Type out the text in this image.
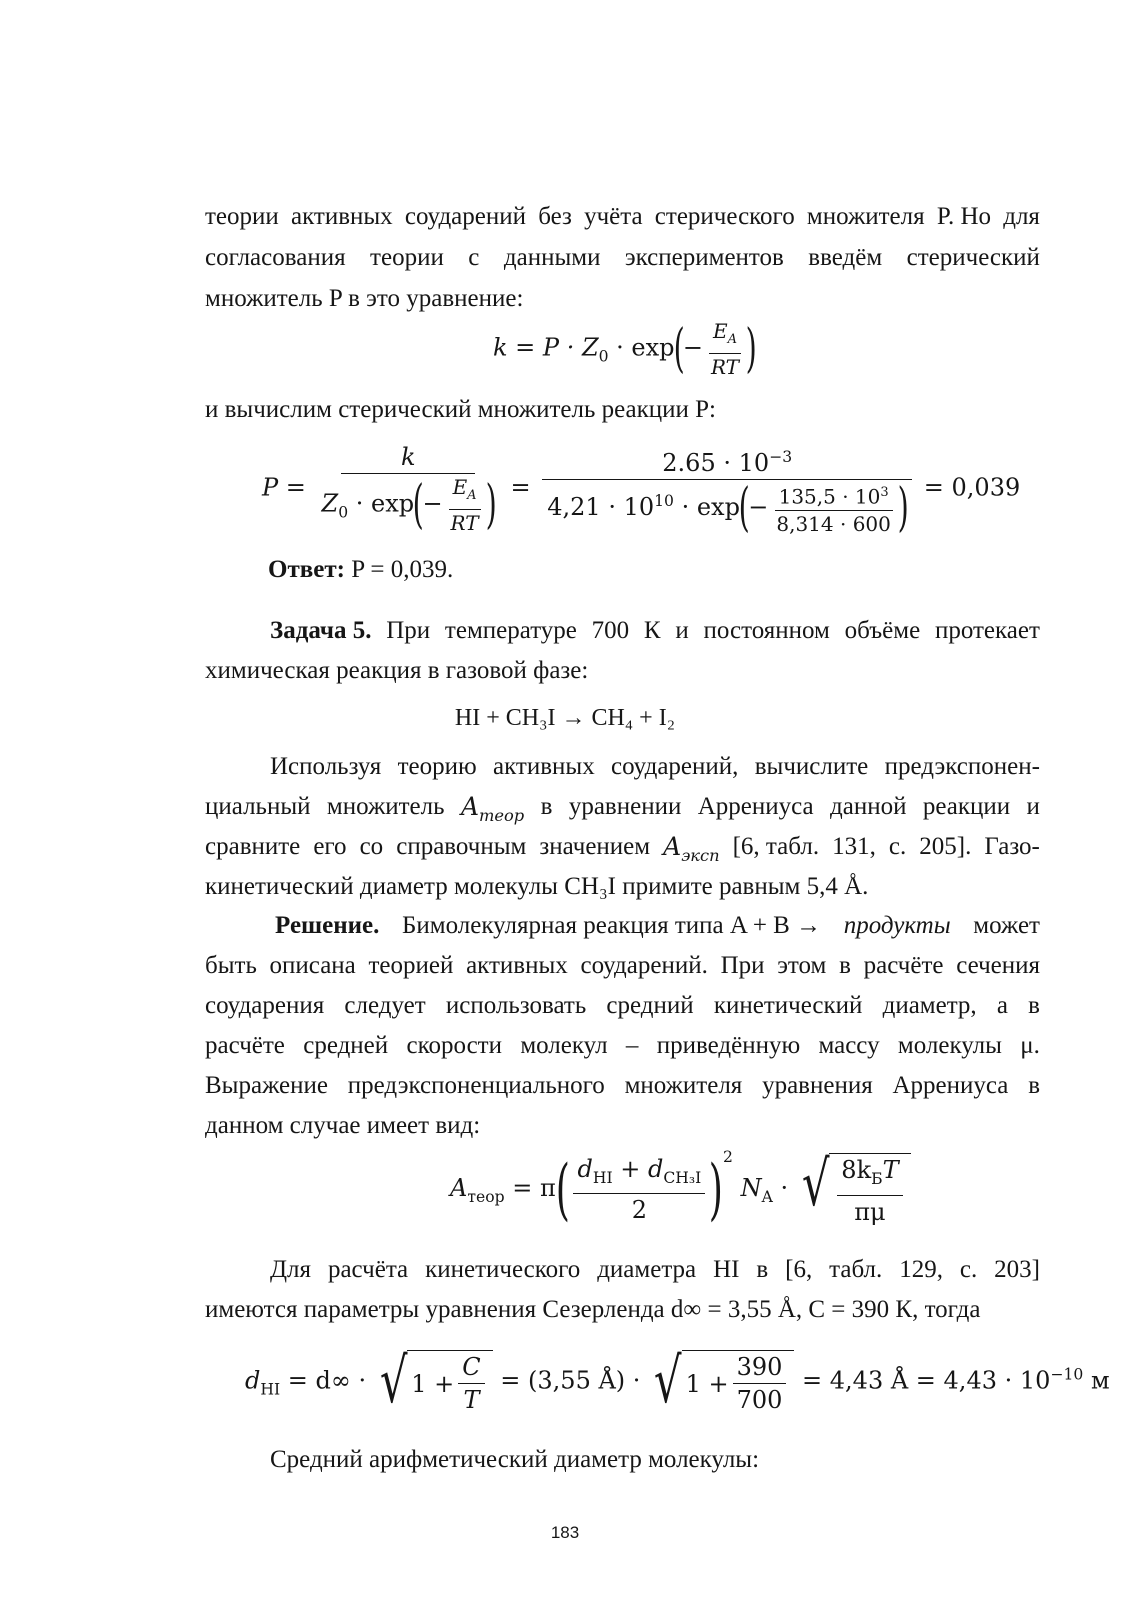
теории активных соударений без учёта стерического множителя P. Но для
согласования теории с данными экспериментов введём стерический
множитель P в это уравнение:
$k = P \cdot Z_0 \cdot \exp(- \frac{E_A}{RT}$ )
и вычислим стерический множитель реакции P:
$P = \frac{k}{Z_0 \cdot \exp(- \frac{E_A}{RT} )} = \frac{2.65 \cdot 10^{-3}}{4,21 \cdot 10^{10} \cdot \exp(- \frac{135,5 \cdot 10^3}{8,314 \cdot 600} )} = 0,039$
Ответ: P = 0,039.
Задача 5. При температуре 700 К и постоянном объёме протекает
химическая реакция в газовой фазе:
HI + CH₃I → CH₄ + I₂
Используя теорию активных соударений, вычислите предэкспонен-
циальный множитель $A_{теор}$ в уравнении Аррениуса данной реакции и
сравните его со справочным значением $A_{эксп}$ [6, табл. 131, с. 205]. Газо-
кинетический диаметр молекулы CH₃I примите равным 5,4 Å.
Решение. Бимолекулярная реакция типа A + B → продукты может
быть описана теорией активных соударений. При этом в расчёте сечения
соударения следует использовать средний кинетический диаметр, а в
расчёте средней скорости молекул – приведённую массу молекулы μ.
Выражение предэкспоненциального множителя уравнения Аррениуса в
данном случае имеет вид:
$A_{теор} = \pi( \frac{d_{HI} + d_{CH_3I}}{2} )^2$ $N_A$ · √ $\frac{8k_БT}{\pi\mu}$
Для расчёта кинетического диаметра HI в [6, табл. 129, с. 203]
имеются параметры уравнения Сезерленда d∞ = 3,55 Å, C = 390 К, тогда
$d_{HI} = d\infty$ · √ $1 + \frac{C}{T} = (3,55$ Å) · √ $1 + \frac{390}{700} = 4,43$ Å = $4,43 \cdot 10^{-10}$ м
Средний арифметический диаметр молекулы:
183
